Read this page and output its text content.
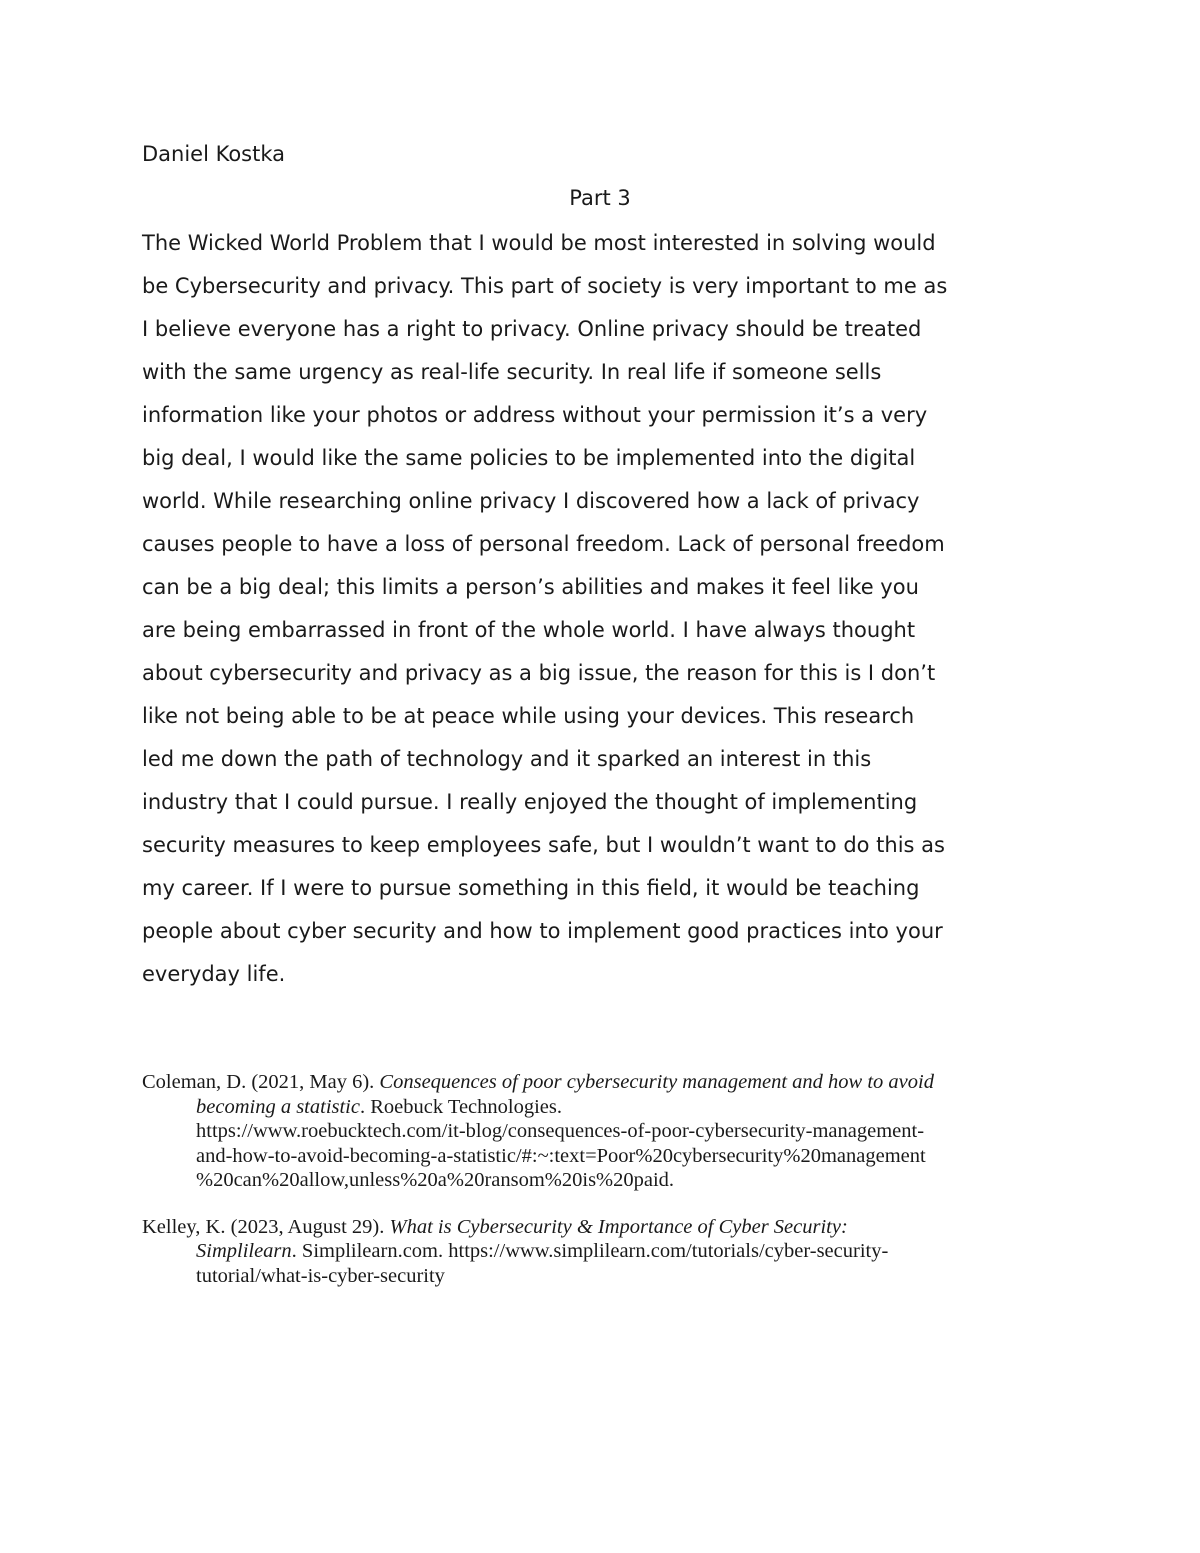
Daniel Kostka
Part 3
The Wicked World Problem that I would be most interested in solving would
be Cybersecurity and privacy. This part of society is very important to me as
I believe everyone has a right to privacy. Online privacy should be treated
with the same urgency as real-life security. In real life if someone sells
information like your photos or address without your permission it’s a very
big deal, I would like the same policies to be implemented into the digital
world. While researching online privacy I discovered how a lack of privacy
causes people to have a loss of personal freedom. Lack of personal freedom
can be a big deal; this limits a person’s abilities and makes it feel like you
are being embarrassed in front of the whole world. I have always thought
about cybersecurity and privacy as a big issue, the reason for this is I don’t
like not being able to be at peace while using your devices. This research
led me down the path of technology and it sparked an interest in this
industry that I could pursue. I really enjoyed the thought of implementing
security measures to keep employees safe, but I wouldn’t want to do this as
my career. If I were to pursue something in this field, it would be teaching
people about cyber security and how to implement good practices into your
everyday life.
Coleman, D. (2021, May 6). Consequences of poor cybersecurity management and how to avoid
becoming a statistic. Roebuck Technologies.
https://www.roebucktech.com/it-blog/consequences-of-poor-cybersecurity-management-
and-how-to-avoid-becoming-a-statistic/#:~:text=Poor%20cybersecurity%20management
%20can%20allow,unless%20a%20ransom%20is%20paid.
Kelley, K. (2023, August 29). What is Cybersecurity & Importance of Cyber Security:
Simplilearn. Simplilearn.com. https://www.simplilearn.com/tutorials/cyber-security-
tutorial/what-is-cyber-security
